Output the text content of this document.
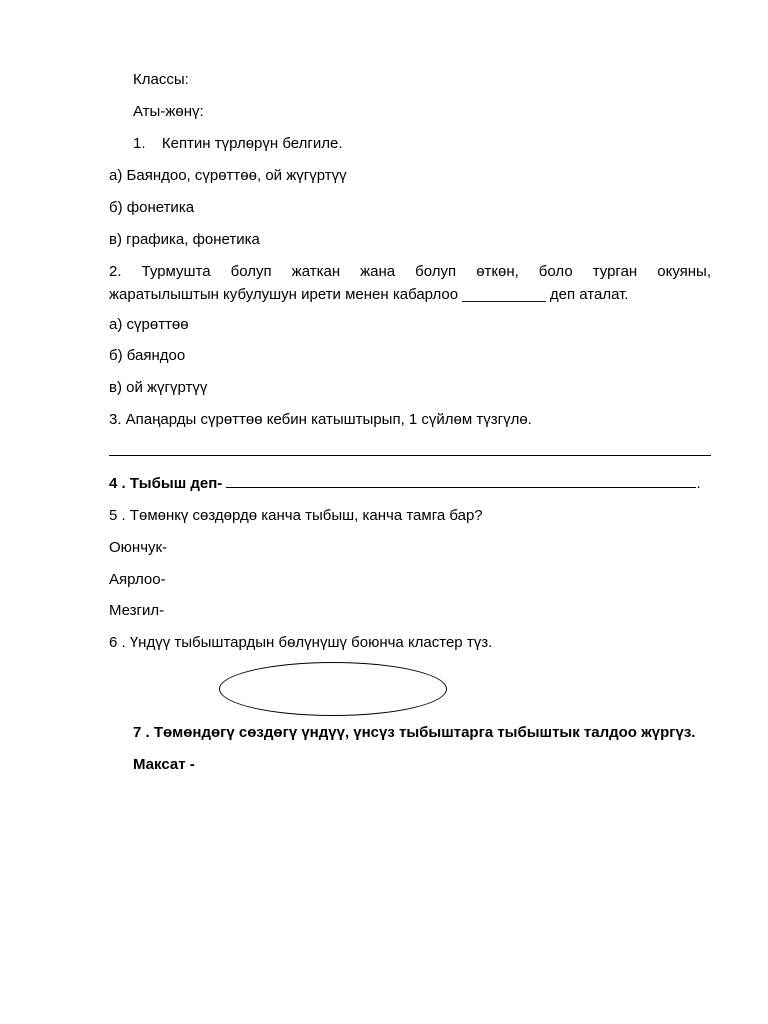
Классы:
Аты-жөнү:
1. Кептин түрлөрүн белгиле.
а) Баяндоо, сүрөттөө, ой жүгүртүү
б) фонетика
в) графика, фонетика
2. Турмушта болуп жаткан жана болуп өткөн, боло турган окуяны,
жаратылыштын кубулушун ирети менен кабарлоо __________ деп аталат.
а) сүрөттөө
б) баяндоо
в) ой жүгүртүү
3. Апаңарды сүрөттөө кебин катыштырып, 1 сүйлөм түзгүлө.
4 . Тыбыш деп-	.
5 . Төмөнкү сөздөрдө канча тыбыш, канча тамга бар?
Оюнчук-
Аярлоо-
Мезгил-
6 . Үндүү тыбыштардын бөлүнүшү боюнча кластер түз.
7 . Төмөндөгү сөздөгү үндүү, үнсүз тыбыштарга тыбыштык талдоо жүргүз.
Максат -
